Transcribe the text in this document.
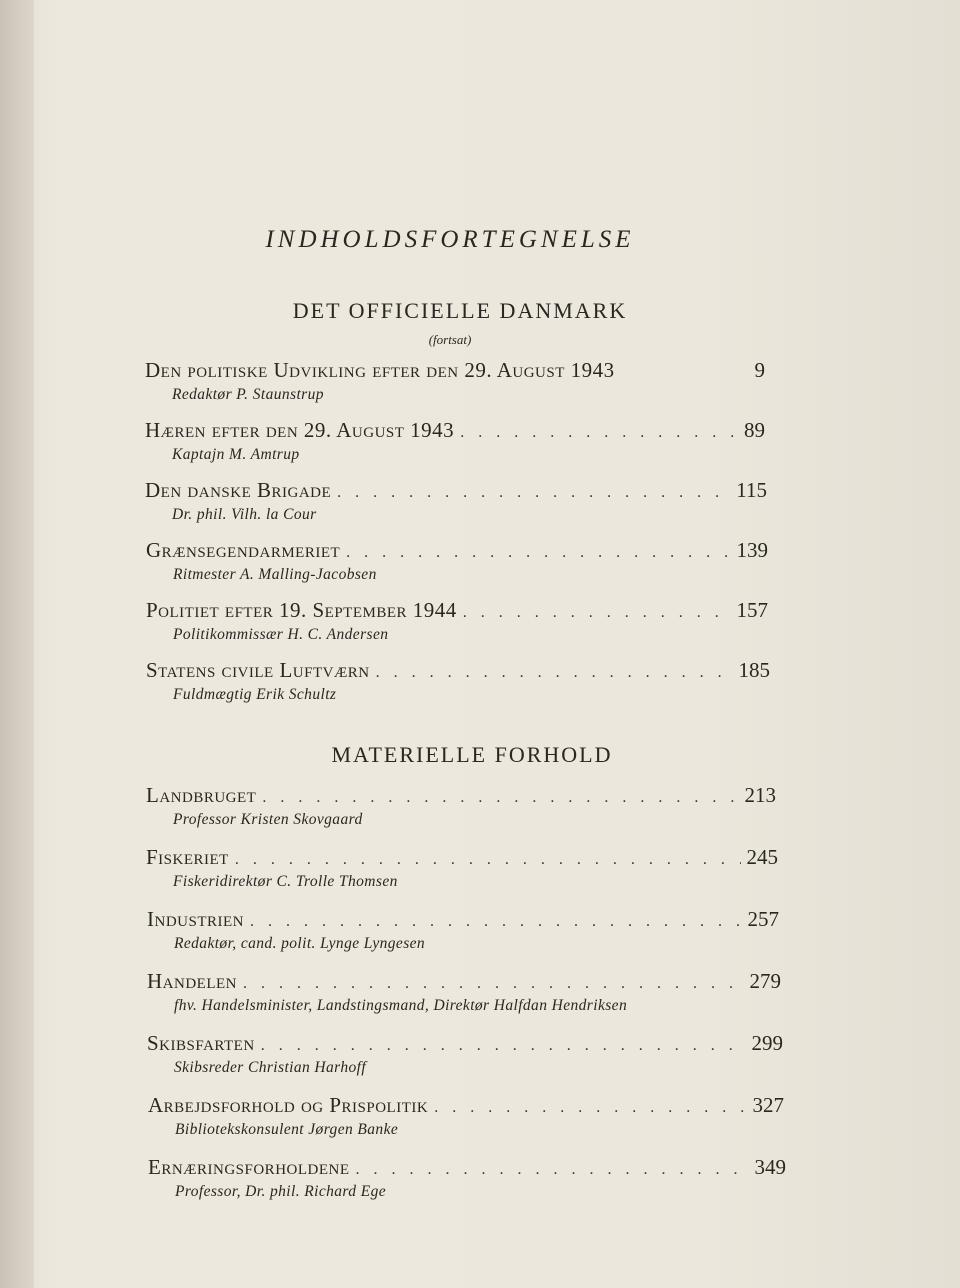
INDHOLDSFORTEGNELSE
DET OFFICIELLE DANMARK
(fortsat)
Den politiske Udvikling efter den 29. August 1943	9
Redaktør P. Staunstrup
Hæren efter den 29. August 1943 . . .	89
Kaptajn M. Amtrup
Den danske Brigade . . .	115
Dr. phil. Vilh. la Cour
Grænsegendarmeriet . . .	139
Ritmester A. Malling-Jacobsen
Politiet efter 19. September 1944 . . .	157
Politikommissær H. C. Andersen
Statens civile Luftværn . . .	185
Fuldmægtig Erik Schultz
MATERIELLE FORHOLD
Landbruget . . .	213
Professor Kristen Skovgaard
Fiskeriet . . .	245
Fiskeridirektør C. Trolle Thomsen
Industrien . . .	257
Redaktør, cand. polit. Lynge Lyngesen
Handelen . . .	279
fhv. Handelsminister, Landstingsmand, Direktør Halfdan Hendriksen
Skibsfarten . . .	299
Skibsreder Christian Harhoff
Arbejdsforhold og Prispolitik . . .	327
Bibliotekskonsulent Jørgen Banke
Ernæringsforholdene . . .	349
Professor, Dr. phil. Richard Ege
